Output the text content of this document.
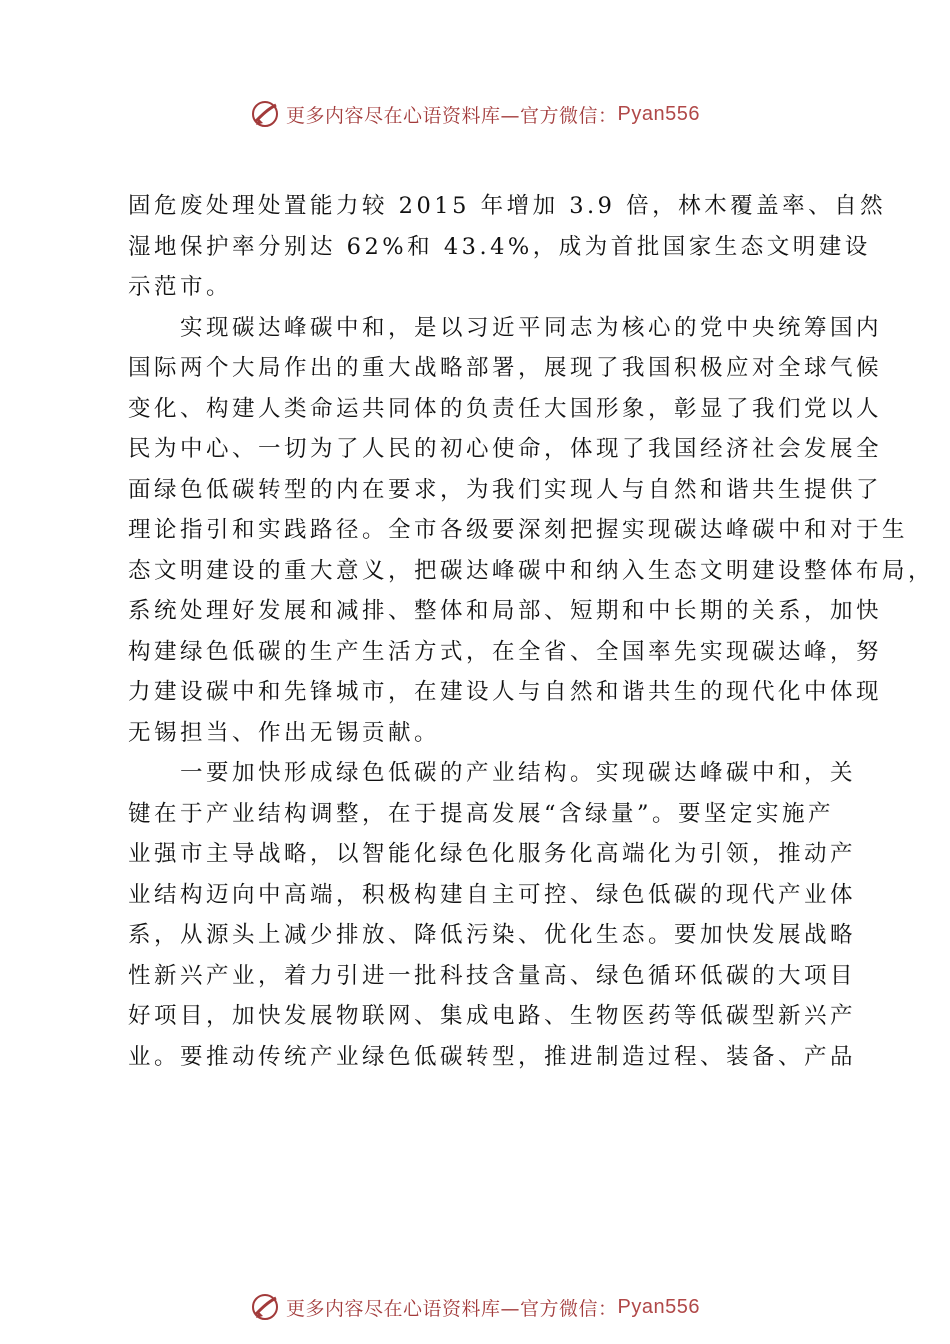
更多内容尽在心语资料库—官方微信： Pyan556
固危废处理处置能力较 2015 年增加 3.9 倍，林木覆盖率、自然
湿地保护率分别达 62%和 43.4%，成为首批国家生态文明建设
示范市。
实现碳达峰碳中和，是以习近平同志为核心的党中央统筹国内
国际两个大局作出的重大战略部署，展现了我国积极应对全球气候
变化、构建人类命运共同体的负责任大国形象，彰显了我们党以人
民为中心、一切为了人民的初心使命，体现了我国经济社会发展全
面绿色低碳转型的内在要求，为我们实现人与自然和谐共生提供了
理论指引和实践路径。全市各级要深刻把握实现碳达峰碳中和对于生
态文明建设的重大意义，把碳达峰碳中和纳入生态文明建设整体布局，
系统处理好发展和减排、整体和局部、短期和中长期的关系，加快
构建绿色低碳的生产生活方式，在全省、全国率先实现碳达峰，努
力建设碳中和先锋城市，在建设人与自然和谐共生的现代化中体现
无锡担当、作出无锡贡献。
一要加快形成绿色低碳的产业结构。实现碳达峰碳中和，关
键在于产业结构调整，在于提高发展“含绿量”。要坚定实施产
业强市主导战略，以智能化绿色化服务化高端化为引领，推动产
业结构迈向中高端，积极构建自主可控、绿色低碳的现代产业体
系，从源头上减少排放、降低污染、优化生态。要加快发展战略
性新兴产业，着力引进一批科技含量高、绿色循环低碳的大项目
好项目，加快发展物联网、集成电路、生物医药等低碳型新兴产
业。要推动传统产业绿色低碳转型，推进制造过程、装备、产品
更多内容尽在心语资料库—官方微信： Pyan556
